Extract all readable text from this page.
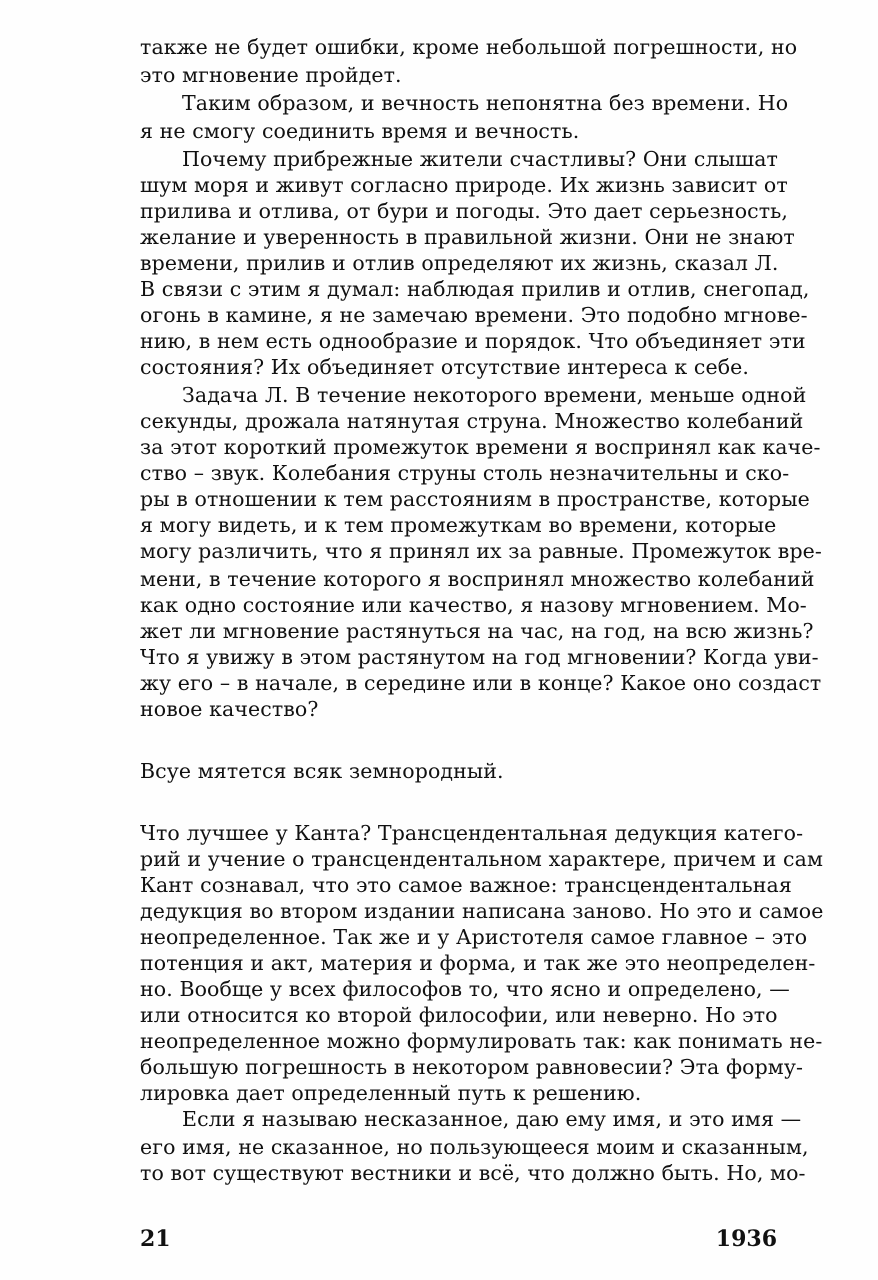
также не будет ошибки, кроме небольшой погрешности, но
это мгновение пройдет.
Таким образом, и вечность непонятна без времени. Но
я не смогу соединить время и вечность.
Почему прибрежные жители счастливы? Они слышат
шум моря и живут согласно природе. Их жизнь зависит от
прилива и отлива, от бури и погоды. Это дает серьезность,
желание и уверенность в правильной жизни. Они не знают
времени, прилив и отлив определяют их жизнь, сказал Л.
В связи с этим я думал: наблюдая прилив и отлив, снегопад,
огонь в камине, я не замечаю времени. Это подобно мгнове-
нию, в нем есть однообразие и порядок. Что объединяет эти
состояния? Их объединяет отсутствие интереса к себе.
Задача Л. В течение некоторого времени, меньше одной
секунды, дрожала натянутая струна. Множество колебаний
за этот короткий промежуток времени я воспринял как каче-
ство – звук. Колебания струны столь незначительны и ско-
ры в отношении к тем расстояниям в пространстве, которые
я могу видеть, и к тем промежуткам во времени, которые
могу различить, что я принял их за равные. Промежуток вре-
мени, в течение которого я воспринял множество колебаний
как одно состояние или качество, я назову мгновением. Мо-
жет ли мгновение растянуться на час, на год, на всю жизнь?
Что я увижу в этом растянутом на год мгновении? Когда уви-
жу его – в начале, в середине или в конце? Какое оно создаст
новое качество?
Всуе мятется всяк земнородный.
Что лучшее у Канта? Трансцендентальная дедукция катего-
рий и учение о трансцендентальном характере, причем и сам
Кант сознавал, что это самое важное: трансцендентальная
дедукция во втором издании написана заново. Но это и самое
неопределенное. Так же и у Аристотеля самое главное – это
потенция и акт, материя и форма, и так же это неопределен-
но. Вообще у всех философов то, что ясно и определено, —
или относится ко второй философии, или неверно. Но это
неопределенное можно формулировать так: как понимать не-
большую погрешность в некотором равновесии? Эта форму-
лировка дает определенный путь к решению.
Если я называю несказанное, даю ему имя, и это имя —
его имя, не сказанное, но пользующееся моим и сказанным,
то вот существуют вестники и всё, что должно быть. Но, мо-
21	1936
